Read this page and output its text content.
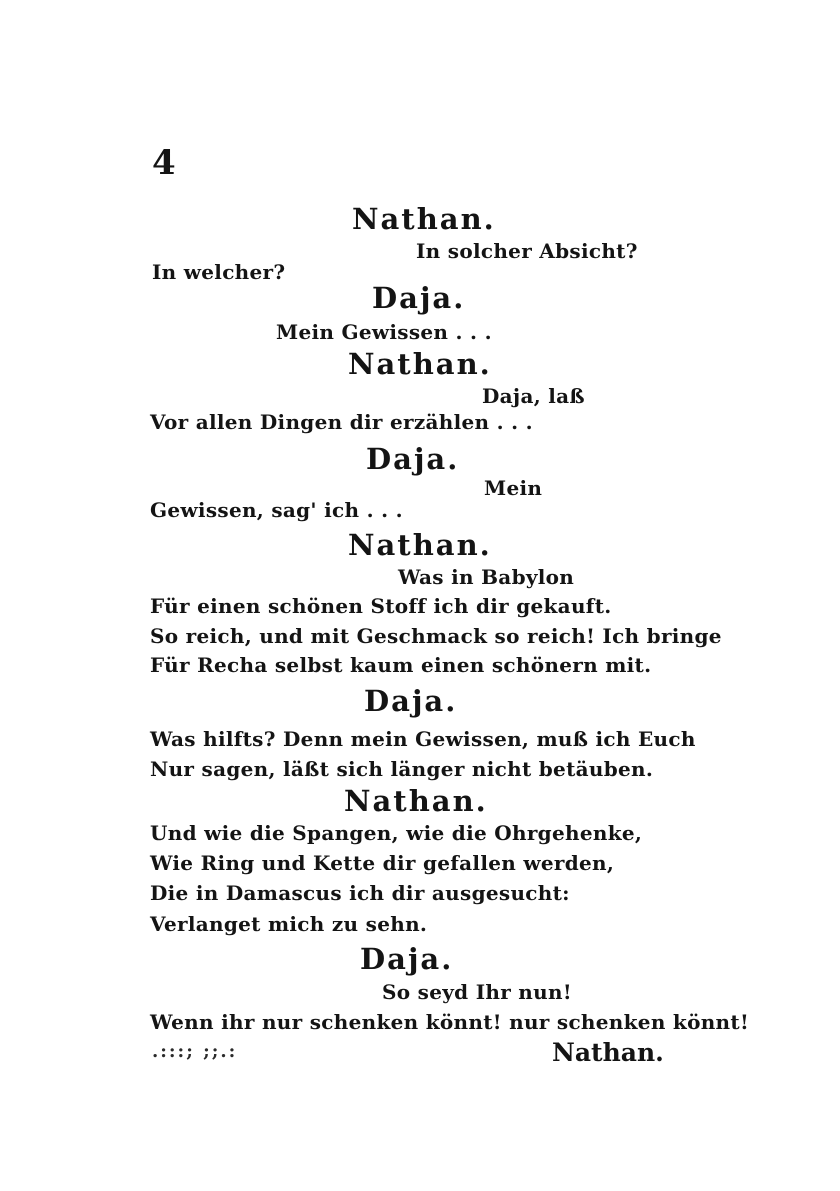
4
Nathan.
In solcher Absicht?
In welcher?
Daja.
Mein Gewissen . . .
Nathan.
Daja, laß
Vor allen Dingen dir erzählen . . .
Daja.
Mein
Gewissen, sag' ich . . .
Nathan.
Was in Babylon
Für einen schönen Stoff ich dir gekauft.
So reich, und mit Geschmack so reich! Ich bringe
Für Recha selbst kaum einen schönern mit.
Daja.
Was hilfts? Denn mein Gewissen, muß ich Euch
Nur sagen, läßt sich länger nicht betäuben.
Nathan.
Und wie die Spangen, wie die Ohrgehenke,
Wie Ring und Kette dir gefallen werden,
Die in Damascus ich dir ausgesucht:
Verlanget mich zu sehn.
Daja.
So seyd Ihr nun!
Wenn ihr nur schenken könnt! nur schenken könnt!
.:::; ;;.:	Nathan.
